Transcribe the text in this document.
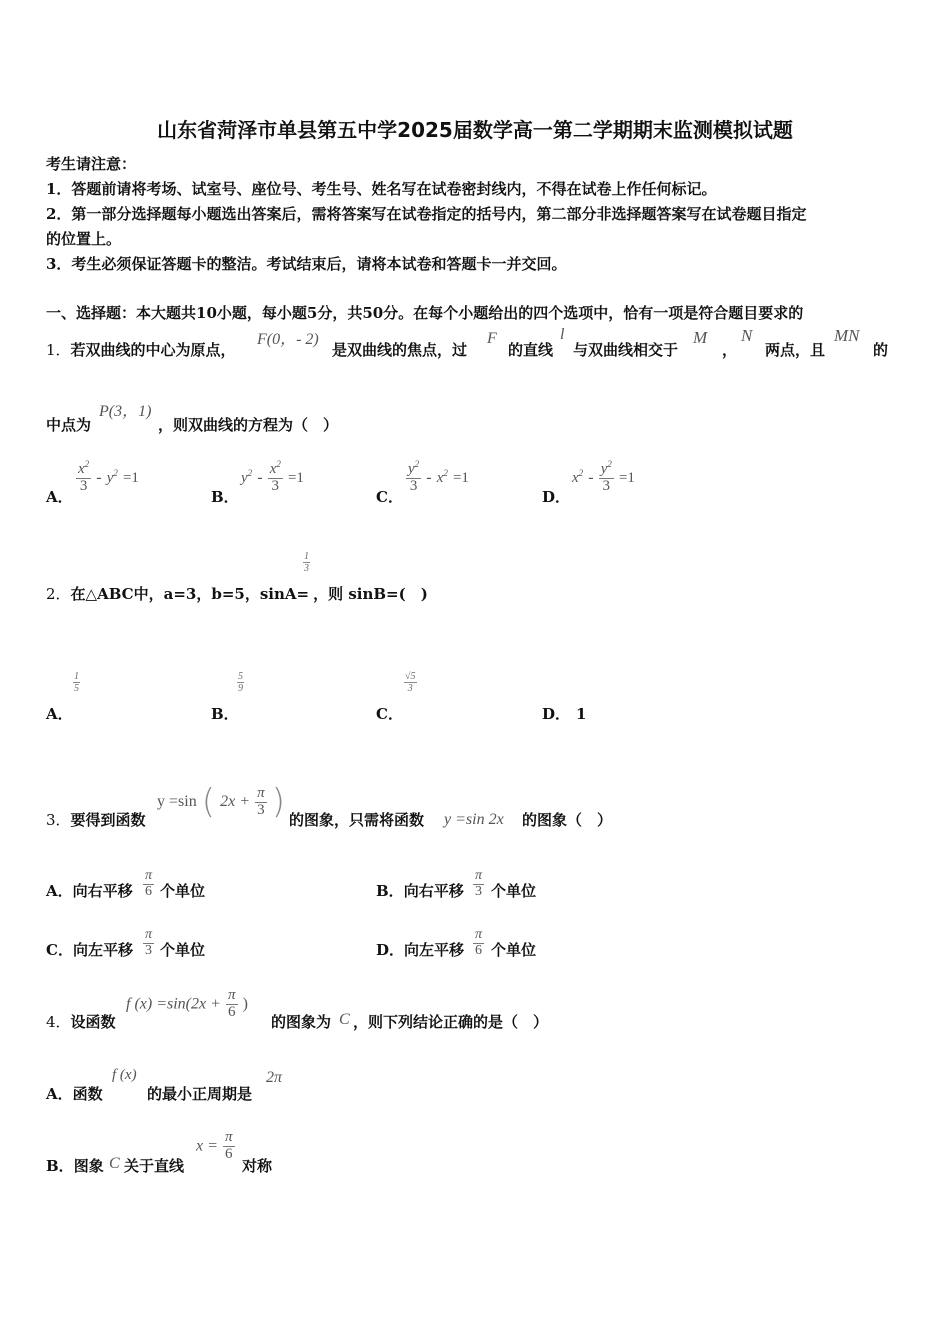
山东省菏泽市单县第五中学2025届数学高一第二学期期末监测模拟试题
考生请注意：
1．答题前请将考场、试室号、座位号、考生号、姓名写在试卷密封线内，不得在试卷上作任何标记。
2．第一部分选择题每小题选出答案后，需将答案写在试卷指定的括号内，第二部分非选择题答案写在试卷题目指定
的位置上。
3．考生必须保证答题卡的整洁。考试结束后，请将本试卷和答题卡一并交回。
一、选择题：本大题共10小题，每小题5分，共50分。在每个小题给出的四个选项中，恰有一项是符合题目要求的
1．若双曲线的中心为原点，
F(0，- 2)
是双曲线的焦点，过
F
的直线
l
与双曲线相交于
M
，
N
两点，且
MN
的
中点为
P(3，1)
，则双曲线的方程为（　）
A．
$\frac{x^2}{3} - y^2 =1$
B．
$y^2 - \frac{x^2}{3} =1$
C．
$\frac{y^2}{3} - x^2 =1$
D．
$x^2 - \frac{y^2}{3} =1$
1
3
2．在△ABC中，a=3，b=5，sinA= ，则 sinB=(　)
A．
1
5
B．
5
9
C．
√5
3
D． 1
3．要得到函数
y =sin ( $2x + \frac{\pi}{3}$ ) 的图象，只需将函数 y =sin 2x 的图象（　）
A．向右平移 $\frac{\pi}{6}$ 个单位	B．向右平移 $\frac{\pi}{3}$ 个单位
C．向左平移 $\frac{\pi}{3}$ 个单位	D．向左平移 $\frac{\pi}{6}$ 个单位
4．设函数
f $(x) =\sin(2x + \frac{\pi}{6}$ )
的图象为 C ，则下列结论正确的是（　）
A．函数
f (x)
的最小正周期是
2π
B．图象 C 关于直线
$x = \frac{\pi}{6}$
对称
